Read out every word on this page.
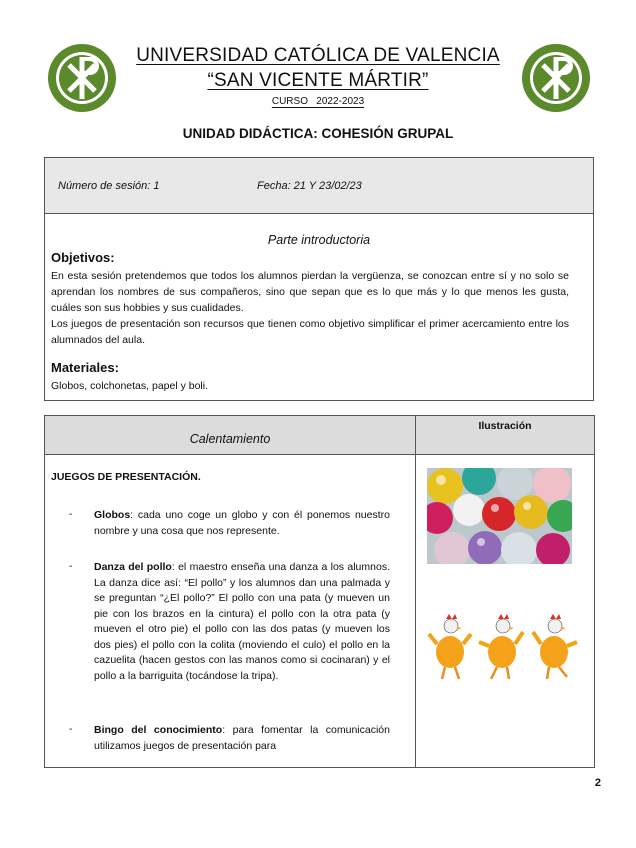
UNIVERSIDAD CATÓLICA DE VALENCIA
“SAN VICENTE MÁRTIR”
CURSO   2022-2023
UNIDAD DIDÁCTICA: COHESIÓN GRUPAL
Número de sesión: 1	Fecha: 21 Y 23/02/23
Parte introductoria
Objetivos:
En esta sesión pretendemos que todos los alumnos pierdan la vergüenza, se conozcan entre sí y no solo se aprendan los nombres de sus compañeros, sino que sepan que es lo que más y lo que menos les gusta, cuáles son sus hobbies y sus cualidades.
Los juegos de presentación son recursos que tienen como objetivo simplificar el primer acercamiento entre los alumnados del aula.
Materiales:
Globos, colchonetas, papel y boli.
Calentamiento
Ilustración
JUEGOS DE PRESENTACIÓN.
- Globos: cada uno coge un globo y con él ponemos nuestro nombre y una cosa que nos represente.
- Danza del pollo: el maestro enseña una danza a los alumnos. La danza dice así: “El pollo” y los alumnos dan una palmada y se preguntan “¿El pollo?” El pollo con una pata (y mueven un pie con los brazos en la cintura) el pollo con la otra pata (y mueven el otro pie) el pollo con las dos patas (y mueven los dos pies) el pollo con la colita (moviendo el culo) el pollo en la cazuelita (hacen gestos con las manos como si cocinaran) y el pollo a la barriguita (tocándose la tripa).
- Bingo del conocimiento: para fomentar la comunicación utilizamos juegos de presentación para
2
